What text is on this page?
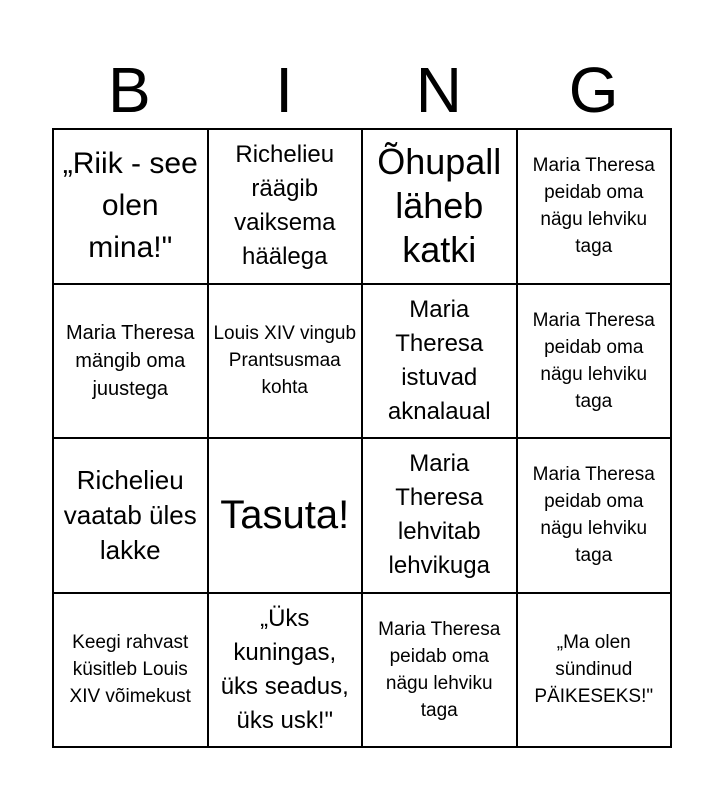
B	I	N	G
„Riik - see olen mina!"
Richelieu räägib vaiksema häälega
Õhupall läheb katki
Maria Theresa peidab oma nägu lehviku taga
Maria Theresa mängib oma juustega
Louis XIV vingub Prantsusmaa kohta
Maria Theresa istuvad aknalaual
Maria Theresa peidab oma nägu lehviku taga
Richelieu vaatab üles lakke
Tasuta!
Maria Theresa lehvitab lehvikuga
Maria Theresa peidab oma nägu lehviku taga
Keegi rahvast küsitleb Louis XIV võimekust
„Üks kuningas, üks seadus, üks usk!"
Maria Theresa peidab oma nägu lehviku taga
„Ma olen sündinud PÄIKESEKS!"
